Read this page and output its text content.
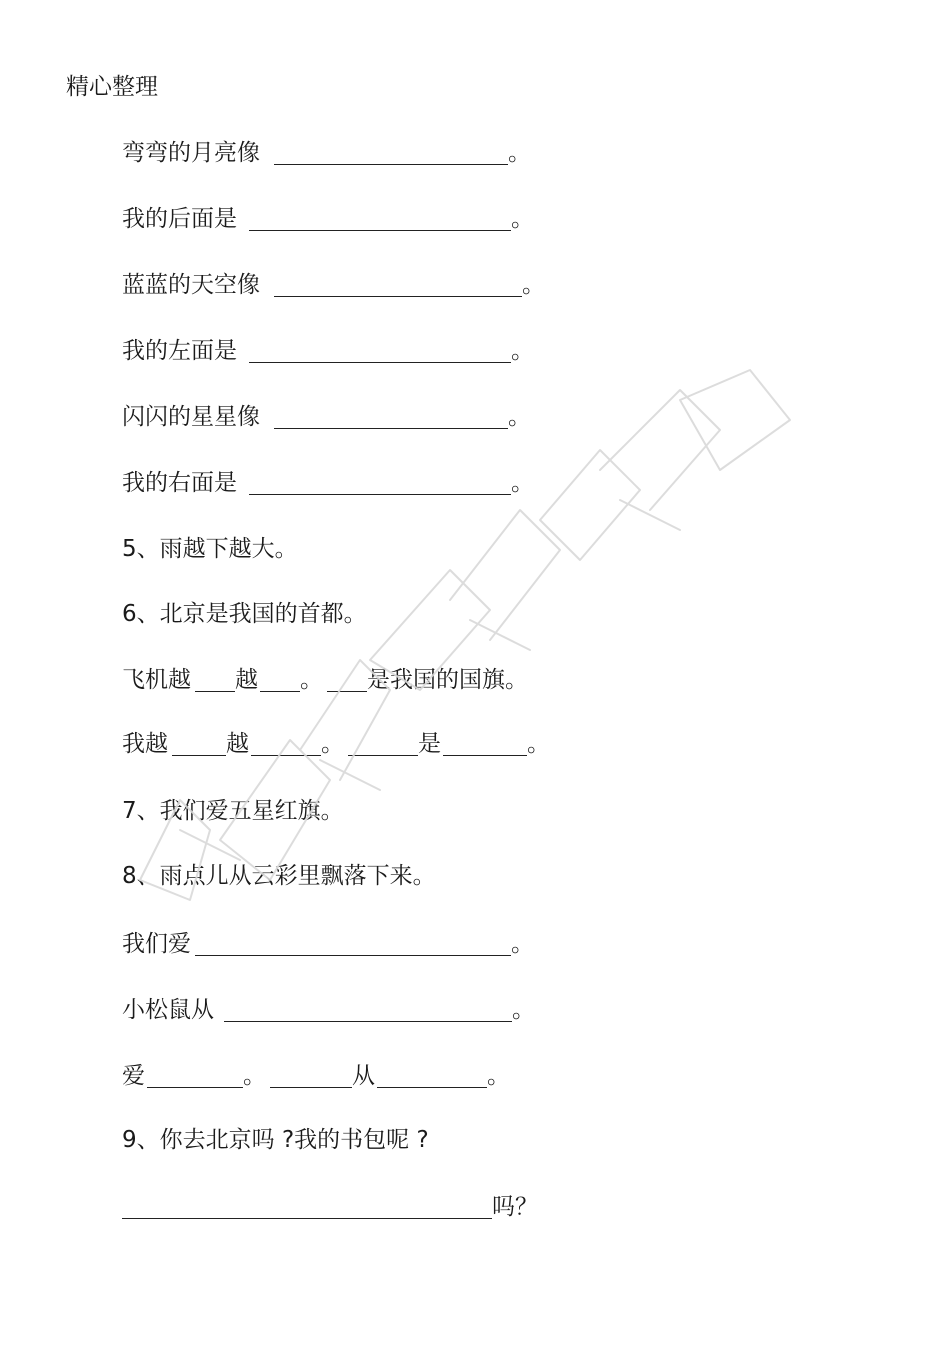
精心整理
弯弯的月亮像	。
我的后面是	。
蓝蓝的天空像	。
我的左面是	。
闪闪的星星像	。
我的右面是	。
5、雨越下越大。
6、北京是我国的首都。
飞机越 越 。 是我国的国旗。
我越	越	。	是	。
7、我们爱五星红旗。
8、雨点儿从云彩里飘落下来。
我们爱	。
小松鼠从	。
爱	。	从	。
9、你去北京吗 ?我的书包呢 ?
吗？
